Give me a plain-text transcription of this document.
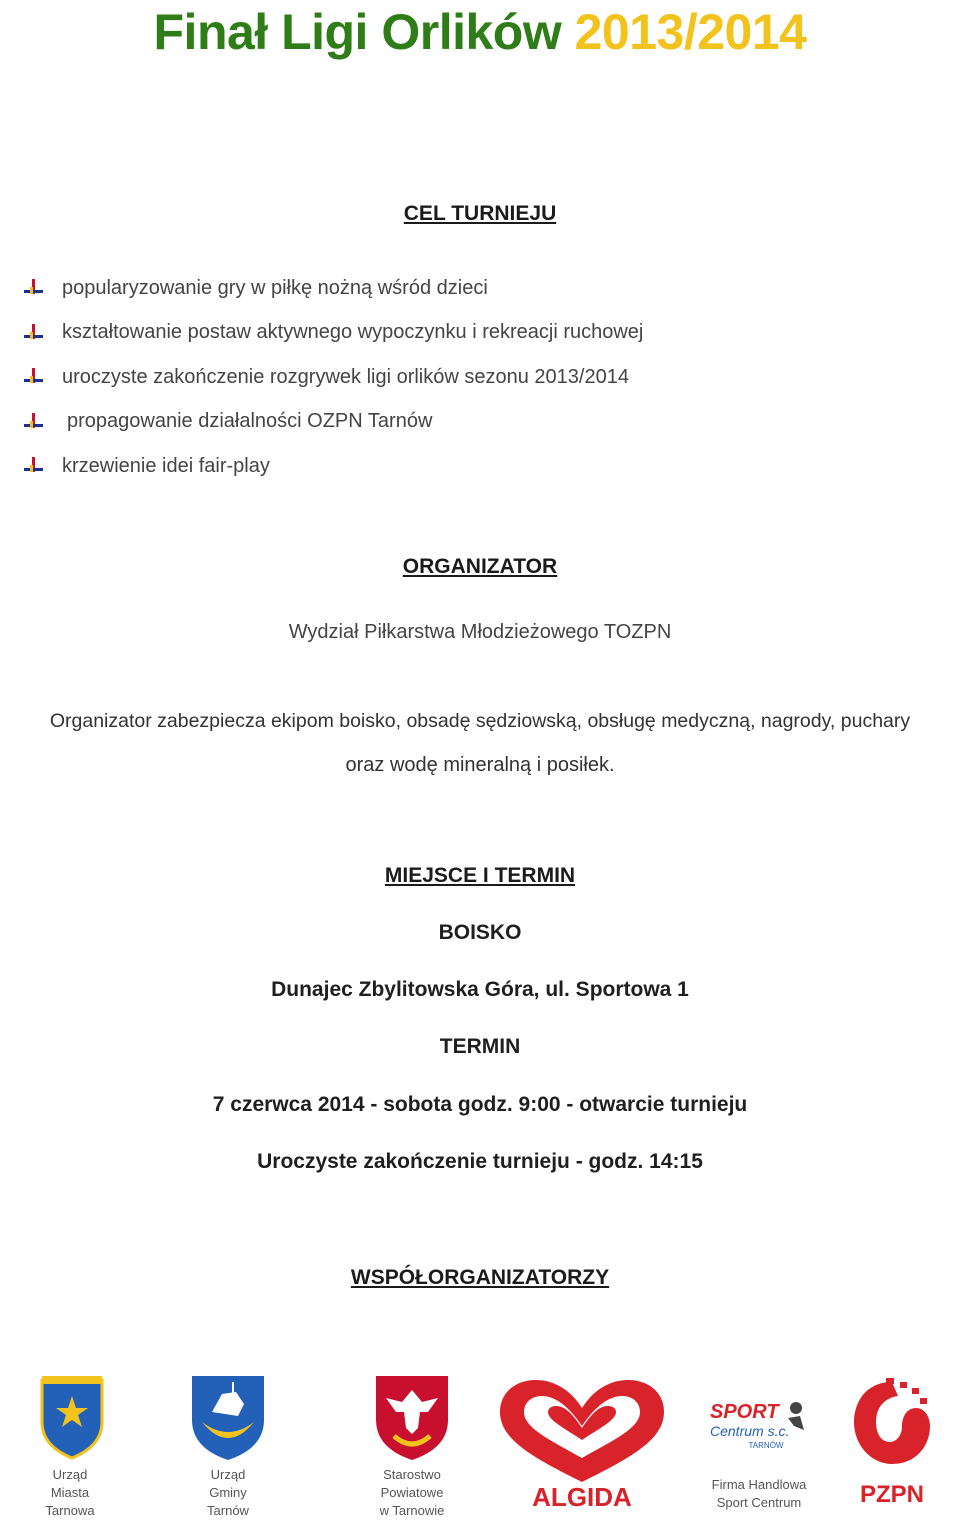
Finał Ligi Orlików 2013/2014
CEL TURNIEJU
popularyzowanie gry w piłkę nożną wśród dzieci
kształtowanie postaw aktywnego wypoczynku i rekreacji ruchowej
uroczyste zakończenie rozgrywek ligi orlików sezonu 2013/2014
propagowanie działalności OZPN Tarnów
krzewienie idei fair-play
ORGANIZATOR
Wydział Piłkarstwa Młodzieżowego TOZPN
Organizator zabezpiecza ekipom boisko, obsadę sędziowską, obsługę medyczną, nagrody, puchary
oraz wodę mineralną i posiłek.
MIEJSCE I TERMIN
BOISKO
Dunajec Zbylitowska Góra, ul. Sportowa 1
TERMIN
7 czerwca 2014 - sobota godz. 9:00 - otwarcie turnieju
Uroczyste zakończenie turnieju - godz. 14:15
WSPÓŁORGANIZATORZY
Urząd
Miasta
Tarnowa
Urząd
Gminy
Tarnów
Starostwo
Powiatowe
w Tarnowie	ALGIDA
SPORT
Centrum s.c.
TARNÓW
Firma Handlowa
Sport Centrum	PZPN
